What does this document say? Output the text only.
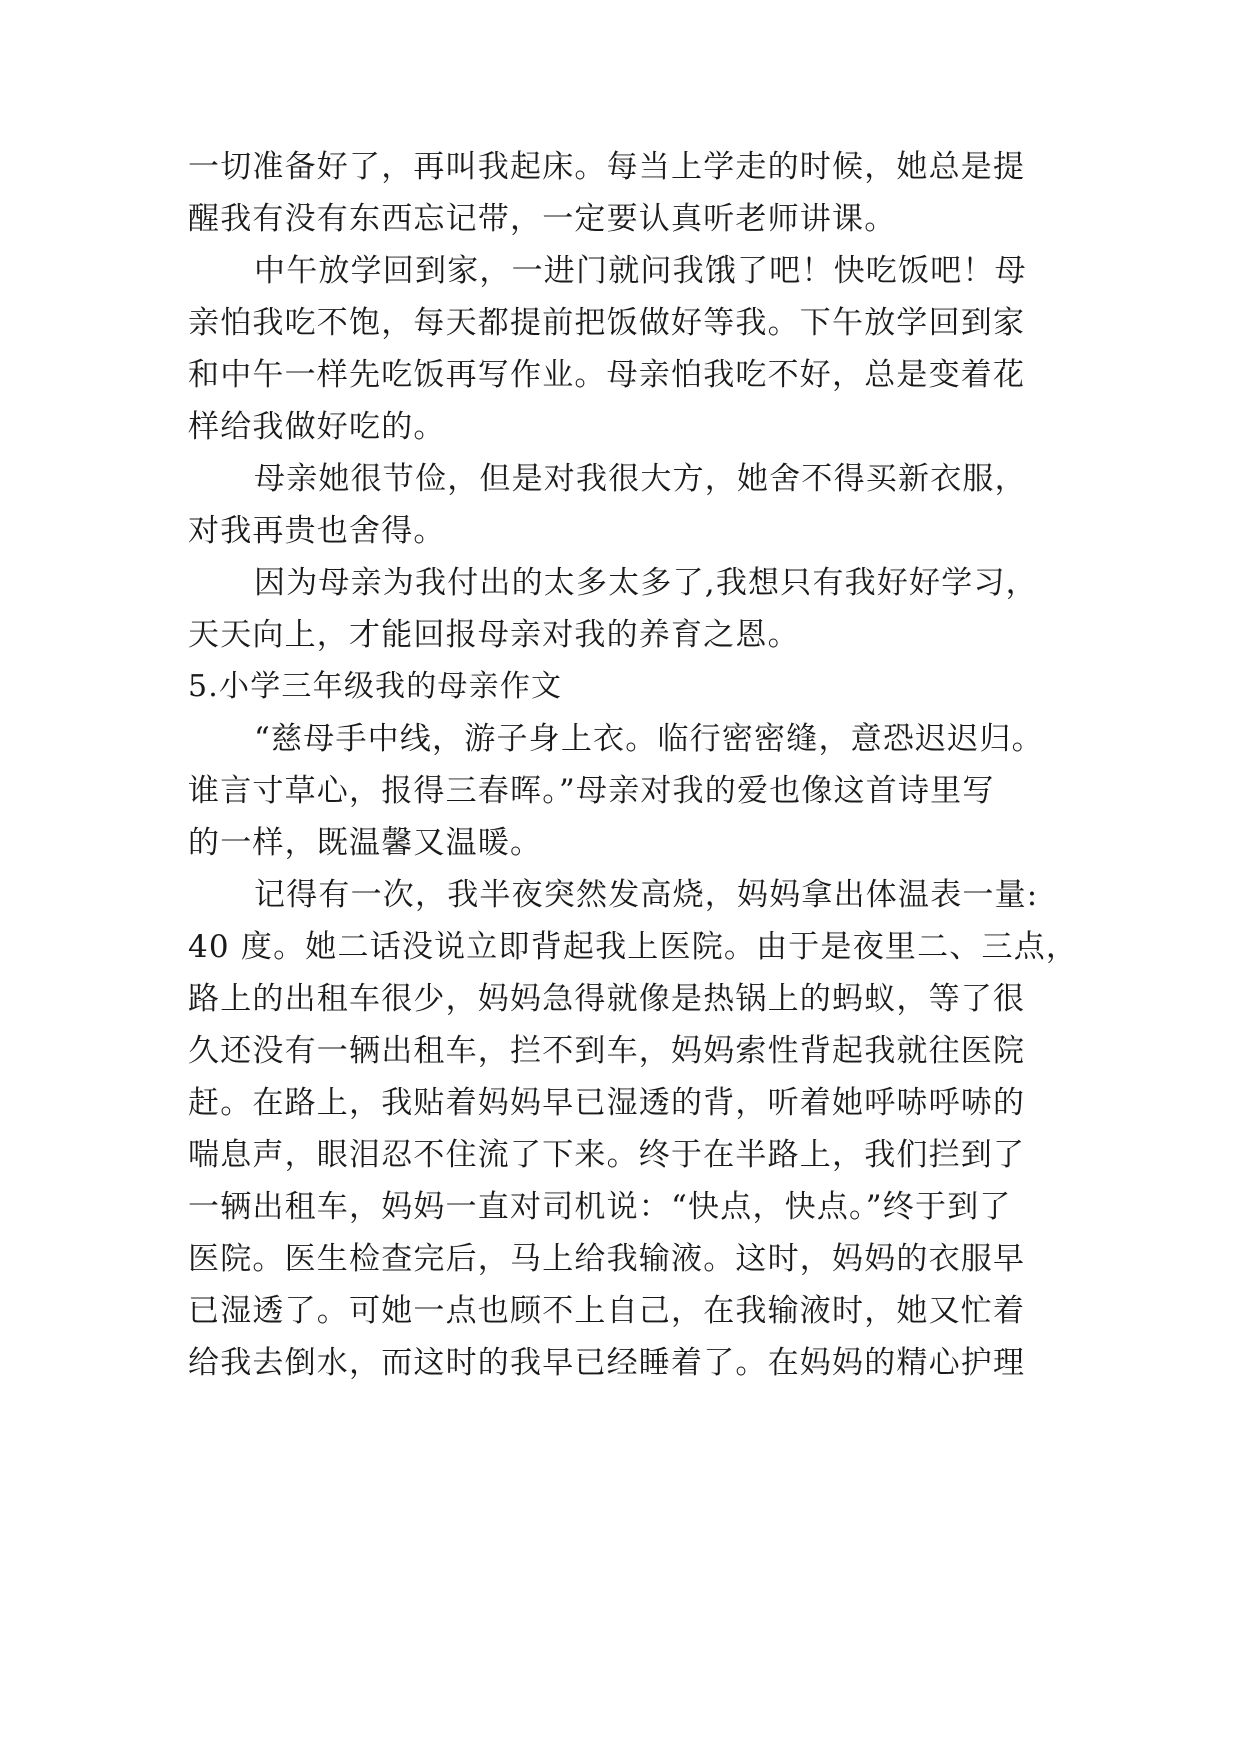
一切准备好了，再叫我起床。每当上学走的时候，她总是提
醒我有没有东西忘记带，一定要认真听老师讲课。
中午放学回到家，一进门就问我饿了吧！快吃饭吧！母
亲怕我吃不饱，每天都提前把饭做好等我。下午放学回到家
和中午一样先吃饭再写作业。母亲怕我吃不好，总是变着花
样给我做好吃的。
母亲她很节俭，但是对我很大方，她舍不得买新衣服，
对我再贵也舍得。
因为母亲为我付出的太多太多了,我想只有我好好学习，
天天向上，才能回报母亲对我的养育之恩。
5.小学三年级我的母亲作文
“慈母手中线，游子身上衣。临行密密缝，意恐迟迟归。
谁言寸草心，报得三春晖。”母亲对我的爱也像这首诗里写
的一样，既温馨又温暖。
记得有一次，我半夜突然发高烧，妈妈拿出体温表一量:
40 度。她二话没说立即背起我上医院。由于是夜里二、三点，
路上的出租车很少，妈妈急得就像是热锅上的蚂蚁，等了很
久还没有一辆出租车，拦不到车，妈妈索性背起我就往医院
赶。在路上，我贴着妈妈早已湿透的背，听着她呼哧呼哧的
喘息声，眼泪忍不住流了下来。终于在半路上，我们拦到了
一辆出租车，妈妈一直对司机说：“快点，快点。”终于到了
医院。医生检查完后，马上给我输液。这时，妈妈的衣服早
已湿透了。可她一点也顾不上自己，在我输液时，她又忙着
给我去倒水，而这时的我早已经睡着了。在妈妈的精心护理
